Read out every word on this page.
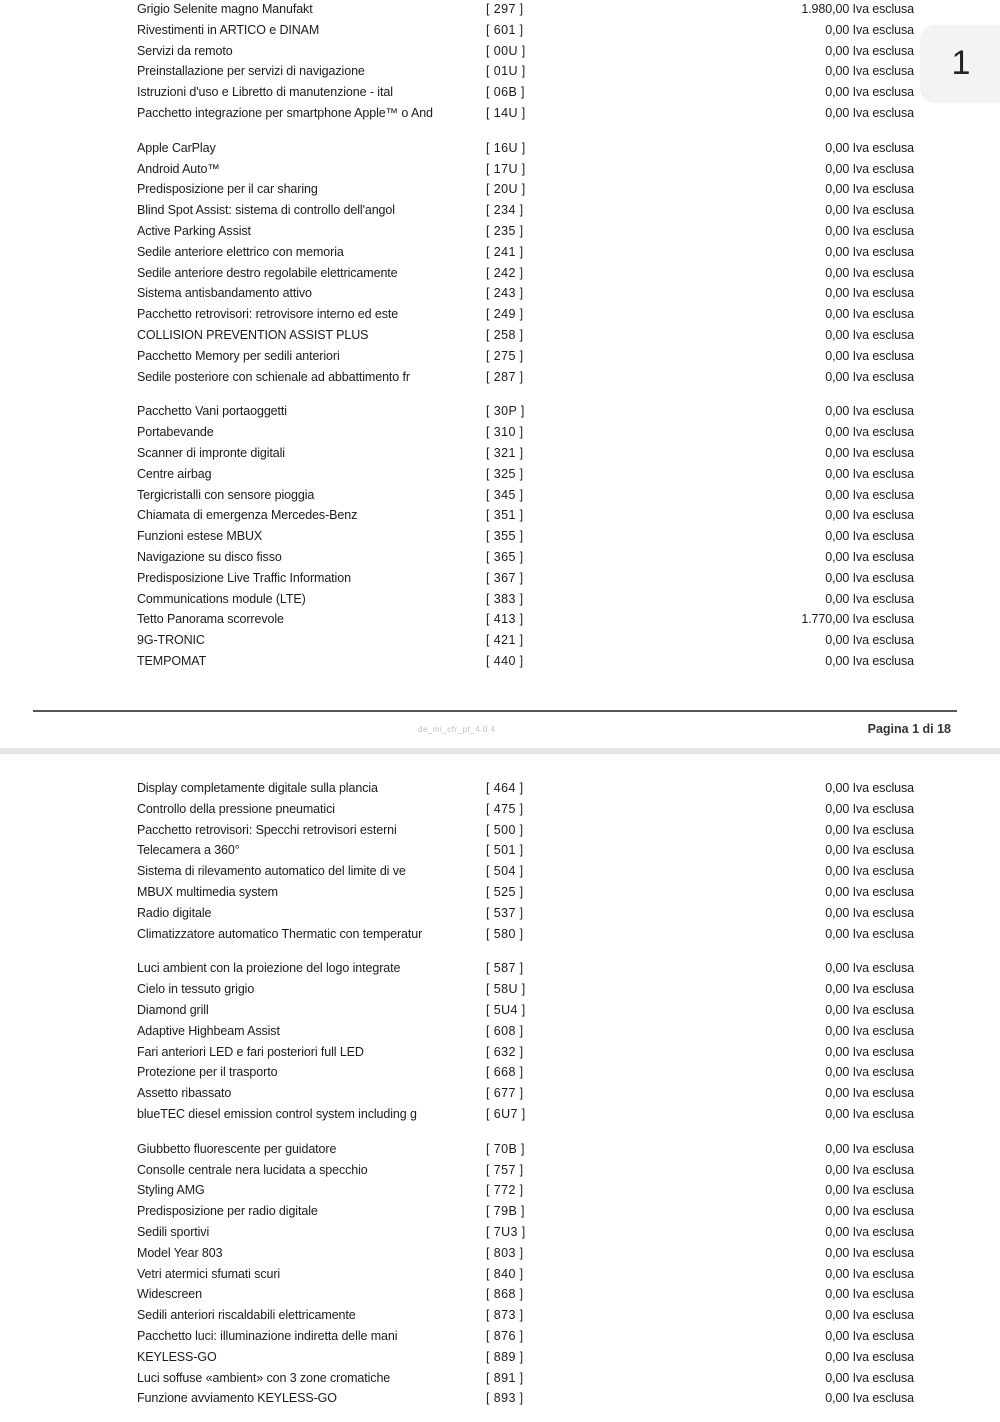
Grigio Selenite magno Manufakt	[ 297 ]	1.980,00 Iva esclusa
Rivestimenti in ARTICO e DINAM	[ 601 ]	0,00 Iva esclusa
Servizi da remoto	[ 00U ]	0,00 Iva esclusa
Preinstallazione per servizi di navigazione	[ 01U ]	0,00 Iva esclusa
Istruzioni d'uso e Libretto di manutenzione - ital	[ 06B ]	0,00 Iva esclusa
Pacchetto integrazione per smartphone Apple™ o And	[ 14U ]	0,00 Iva esclusa
Apple CarPlay	[ 16U ]	0,00 Iva esclusa
Android Auto™	[ 17U ]	0,00 Iva esclusa
Predisposizione per il car sharing	[ 20U ]	0,00 Iva esclusa
Blind Spot Assist: sistema di controllo dell'angol	[ 234 ]	0,00 Iva esclusa
Active Parking Assist	[ 235 ]	0,00 Iva esclusa
Sedile anteriore elettrico con memoria	[ 241 ]	0,00 Iva esclusa
Sedile anteriore destro regolabile elettricamente	[ 242 ]	0,00 Iva esclusa
Sistema antisbandamento attivo	[ 243 ]	0,00 Iva esclusa
Pacchetto retrovisori: retrovisore interno ed este	[ 249 ]	0,00 Iva esclusa
COLLISION PREVENTION ASSIST PLUS	[ 258 ]	0,00 Iva esclusa
Pacchetto Memory per sedili anteriori	[ 275 ]	0,00 Iva esclusa
Sedile posteriore con schienale ad abbattimento fr	[ 287 ]	0,00 Iva esclusa
Pacchetto Vani portaoggetti	[ 30P ]	0,00 Iva esclusa
Portabevande	[ 310 ]	0,00 Iva esclusa
Scanner di impronte digitali	[ 321 ]	0,00 Iva esclusa
Centre airbag	[ 325 ]	0,00 Iva esclusa
Tergicristalli con sensore pioggia	[ 345 ]	0,00 Iva esclusa
Chiamata di emergenza Mercedes-Benz	[ 351 ]	0,00 Iva esclusa
Funzioni estese MBUX	[ 355 ]	0,00 Iva esclusa
Navigazione su disco fisso	[ 365 ]	0,00 Iva esclusa
Predisposizione Live Traffic Information	[ 367 ]	0,00 Iva esclusa
Communications module (LTE)	[ 383 ]	0,00 Iva esclusa
Tetto Panorama scorrevole	[ 413 ]	1.770,00 Iva esclusa
9G-TRONIC	[ 421 ]	0,00 Iva esclusa
TEMPOMAT	[ 440 ]	0,00 Iva esclusa
de_mi_cfr_pt_4.0.4	Pagina 1 di 18
Display completamente digitale sulla plancia	[ 464 ]	0,00 Iva esclusa
Controllo della pressione pneumatici	[ 475 ]	0,00 Iva esclusa
Pacchetto retrovisori: Specchi retrovisori esterni	[ 500 ]	0,00 Iva esclusa
Telecamera a 360°	[ 501 ]	0,00 Iva esclusa
Sistema di rilevamento automatico del limite di ve	[ 504 ]	0,00 Iva esclusa
MBUX multimedia system	[ 525 ]	0,00 Iva esclusa
Radio digitale	[ 537 ]	0,00 Iva esclusa
Climatizzatore automatico Thermatic con temperatur	[ 580 ]	0,00 Iva esclusa
Luci ambient con la proiezione del logo integrate	[ 587 ]	0,00 Iva esclusa
Cielo in tessuto grigio	[ 58U ]	0,00 Iva esclusa
Diamond grill	[ 5U4 ]	0,00 Iva esclusa
Adaptive Highbeam Assist	[ 608 ]	0,00 Iva esclusa
Fari anteriori LED e fari posteriori full LED	[ 632 ]	0,00 Iva esclusa
Protezione per il trasporto	[ 668 ]	0,00 Iva esclusa
Assetto ribassato	[ 677 ]	0,00 Iva esclusa
blueTEC diesel emission control system including g	[ 6U7 ]	0,00 Iva esclusa
Giubbetto fluorescente per guidatore	[ 70B ]	0,00 Iva esclusa
Consolle centrale nera lucidata a specchio	[ 757 ]	0,00 Iva esclusa
Styling AMG	[ 772 ]	0,00 Iva esclusa
Predisposizione per radio digitale	[ 79B ]	0,00 Iva esclusa
Sedili sportivi	[ 7U3 ]	0,00 Iva esclusa
Model Year 803	[ 803 ]	0,00 Iva esclusa
Vetri atermici sfumati scuri	[ 840 ]	0,00 Iva esclusa
Widescreen	[ 868 ]	0,00 Iva esclusa
Sedili anteriori riscaldabili elettricamente	[ 873 ]	0,00 Iva esclusa
Pacchetto luci: illuminazione indiretta delle mani	[ 876 ]	0,00 Iva esclusa
KEYLESS-GO	[ 889 ]	0,00 Iva esclusa
Luci soffuse «ambient» con 3 zone cromatiche	[ 891 ]	0,00 Iva esclusa
Funzione avviamento KEYLESS-GO	[ 893 ]	0,00 Iva esclusa
1
